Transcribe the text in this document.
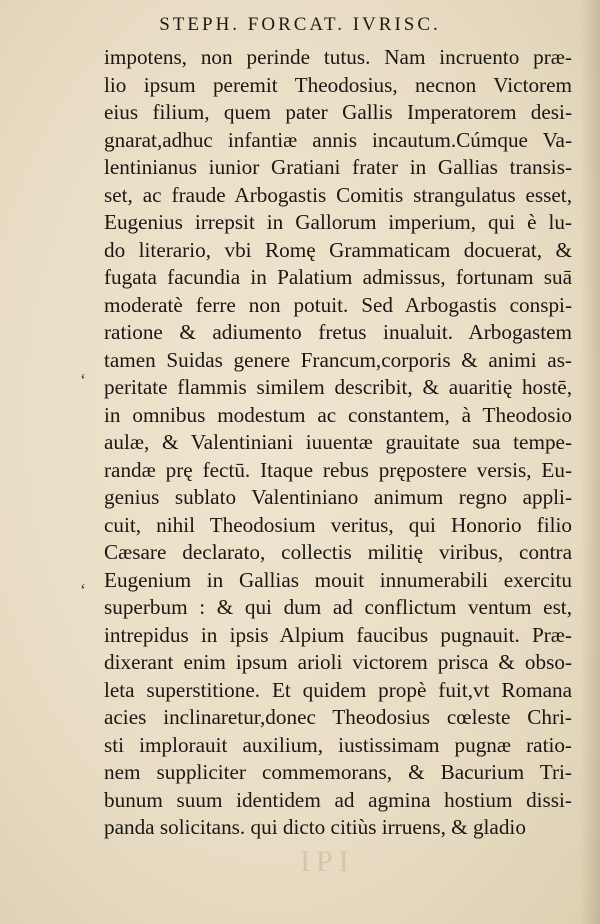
STEPH. FORCAT. IVRISC.
‘
‘
IPI
impotens, non perinde tutus. Nam incruento præ-
lio ipsum peremit Theodosius, necnon Victorem
eius filium, quem pater Gallis Imperatorem desi-
gnarat,adhuc infantiæ annis incautum.Cúmque Va-
lentinianus iunior Gratiani frater in Gallias transis-
set, ac fraude Arbogastis Comitis strangulatus esset,
Eugenius irrepsit in Gallorum imperium, qui è lu-
do literario, vbi Romę Grammaticam docuerat, &
fugata facundia in Palatium admissus, fortunam suā
moderatè ferre non potuit. Sed Arbogastis conspi-
ratione & adiumento fretus inualuit. Arbogastem
tamen Suidas genere Francum,corporis & animi as-
peritate flammis similem describit, & auaritię hostē,
in omnibus modestum ac constantem, à Theodosio
aulæ, & Valentiniani iuuentæ grauitate sua tempe-
randæ prę fectū. Itaque rebus prępostere versis, Eu-
genius sublato Valentiniano animum regno appli-
cuit, nihil Theodosium veritus, qui Honorio filio
Cæsare declarato, collectis militię viribus, contra
Eugenium in Gallias mouit innumerabili exercitu
superbum : & qui dum ad conflictum ventum est,
intrepidus in ipsis Alpium faucibus pugnauit. Præ-
dixerant enim ipsum arioli victorem prisca & obso-
leta superstitione. Et quidem propè fuit,vt Romana
acies inclinaretur,donec Theodosius cœleste Chri-
sti implorauit auxilium, iustissimam pugnæ ratio-
nem suppliciter commemorans, & Bacurium Tri-
bunum suum identidem ad agmina hostium dissi-
panda solicitans. qui dicto citiùs irruens, & gladio
